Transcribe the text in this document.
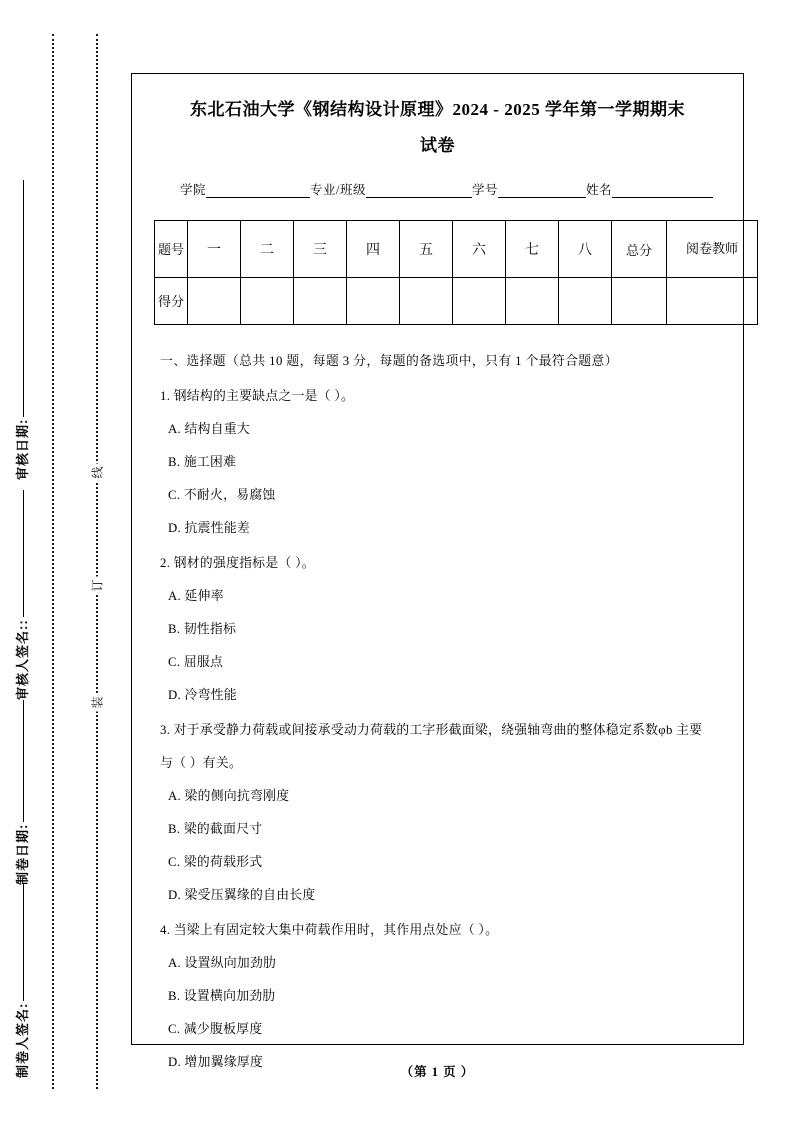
审核日期:
审核人签名::
制卷日期:
制卷人签名:
线
订
装
东北石油大学《钢结构设计原理》2024 - 2025 学年第一学期期末
试卷
学院	专业/班级	学号	姓名
题号	一	二	三	四	五	六	七	八	总分	阅卷教师
得分										
一、选择题（总共 10 题，每题 3 分，每题的备选项中，只有 1 个最符合题意）
1. 钢结构的主要缺点之一是（ ）。
A. 结构自重大
B. 施工困难
C. 不耐火，易腐蚀
D. 抗震性能差
2. 钢材的强度指标是（ ）。
A. 延伸率
B. 韧性指标
C. 屈服点
D. 冷弯性能
3. 对于承受静力荷载或间接承受动力荷载的工字形截面梁，绕强轴弯曲的整体稳定系数φb 主要与（ ）有关。
A. 梁的侧向抗弯刚度
B. 梁的截面尺寸
C. 梁的荷载形式
D. 梁受压翼缘的自由长度
4. 当梁上有固定较大集中荷载作用时，其作用点处应（ ）。
A. 设置纵向加劲肋
B. 设置横向加劲肋
C. 减少腹板厚度
D. 增加翼缘厚度
（第 1 页 ）
